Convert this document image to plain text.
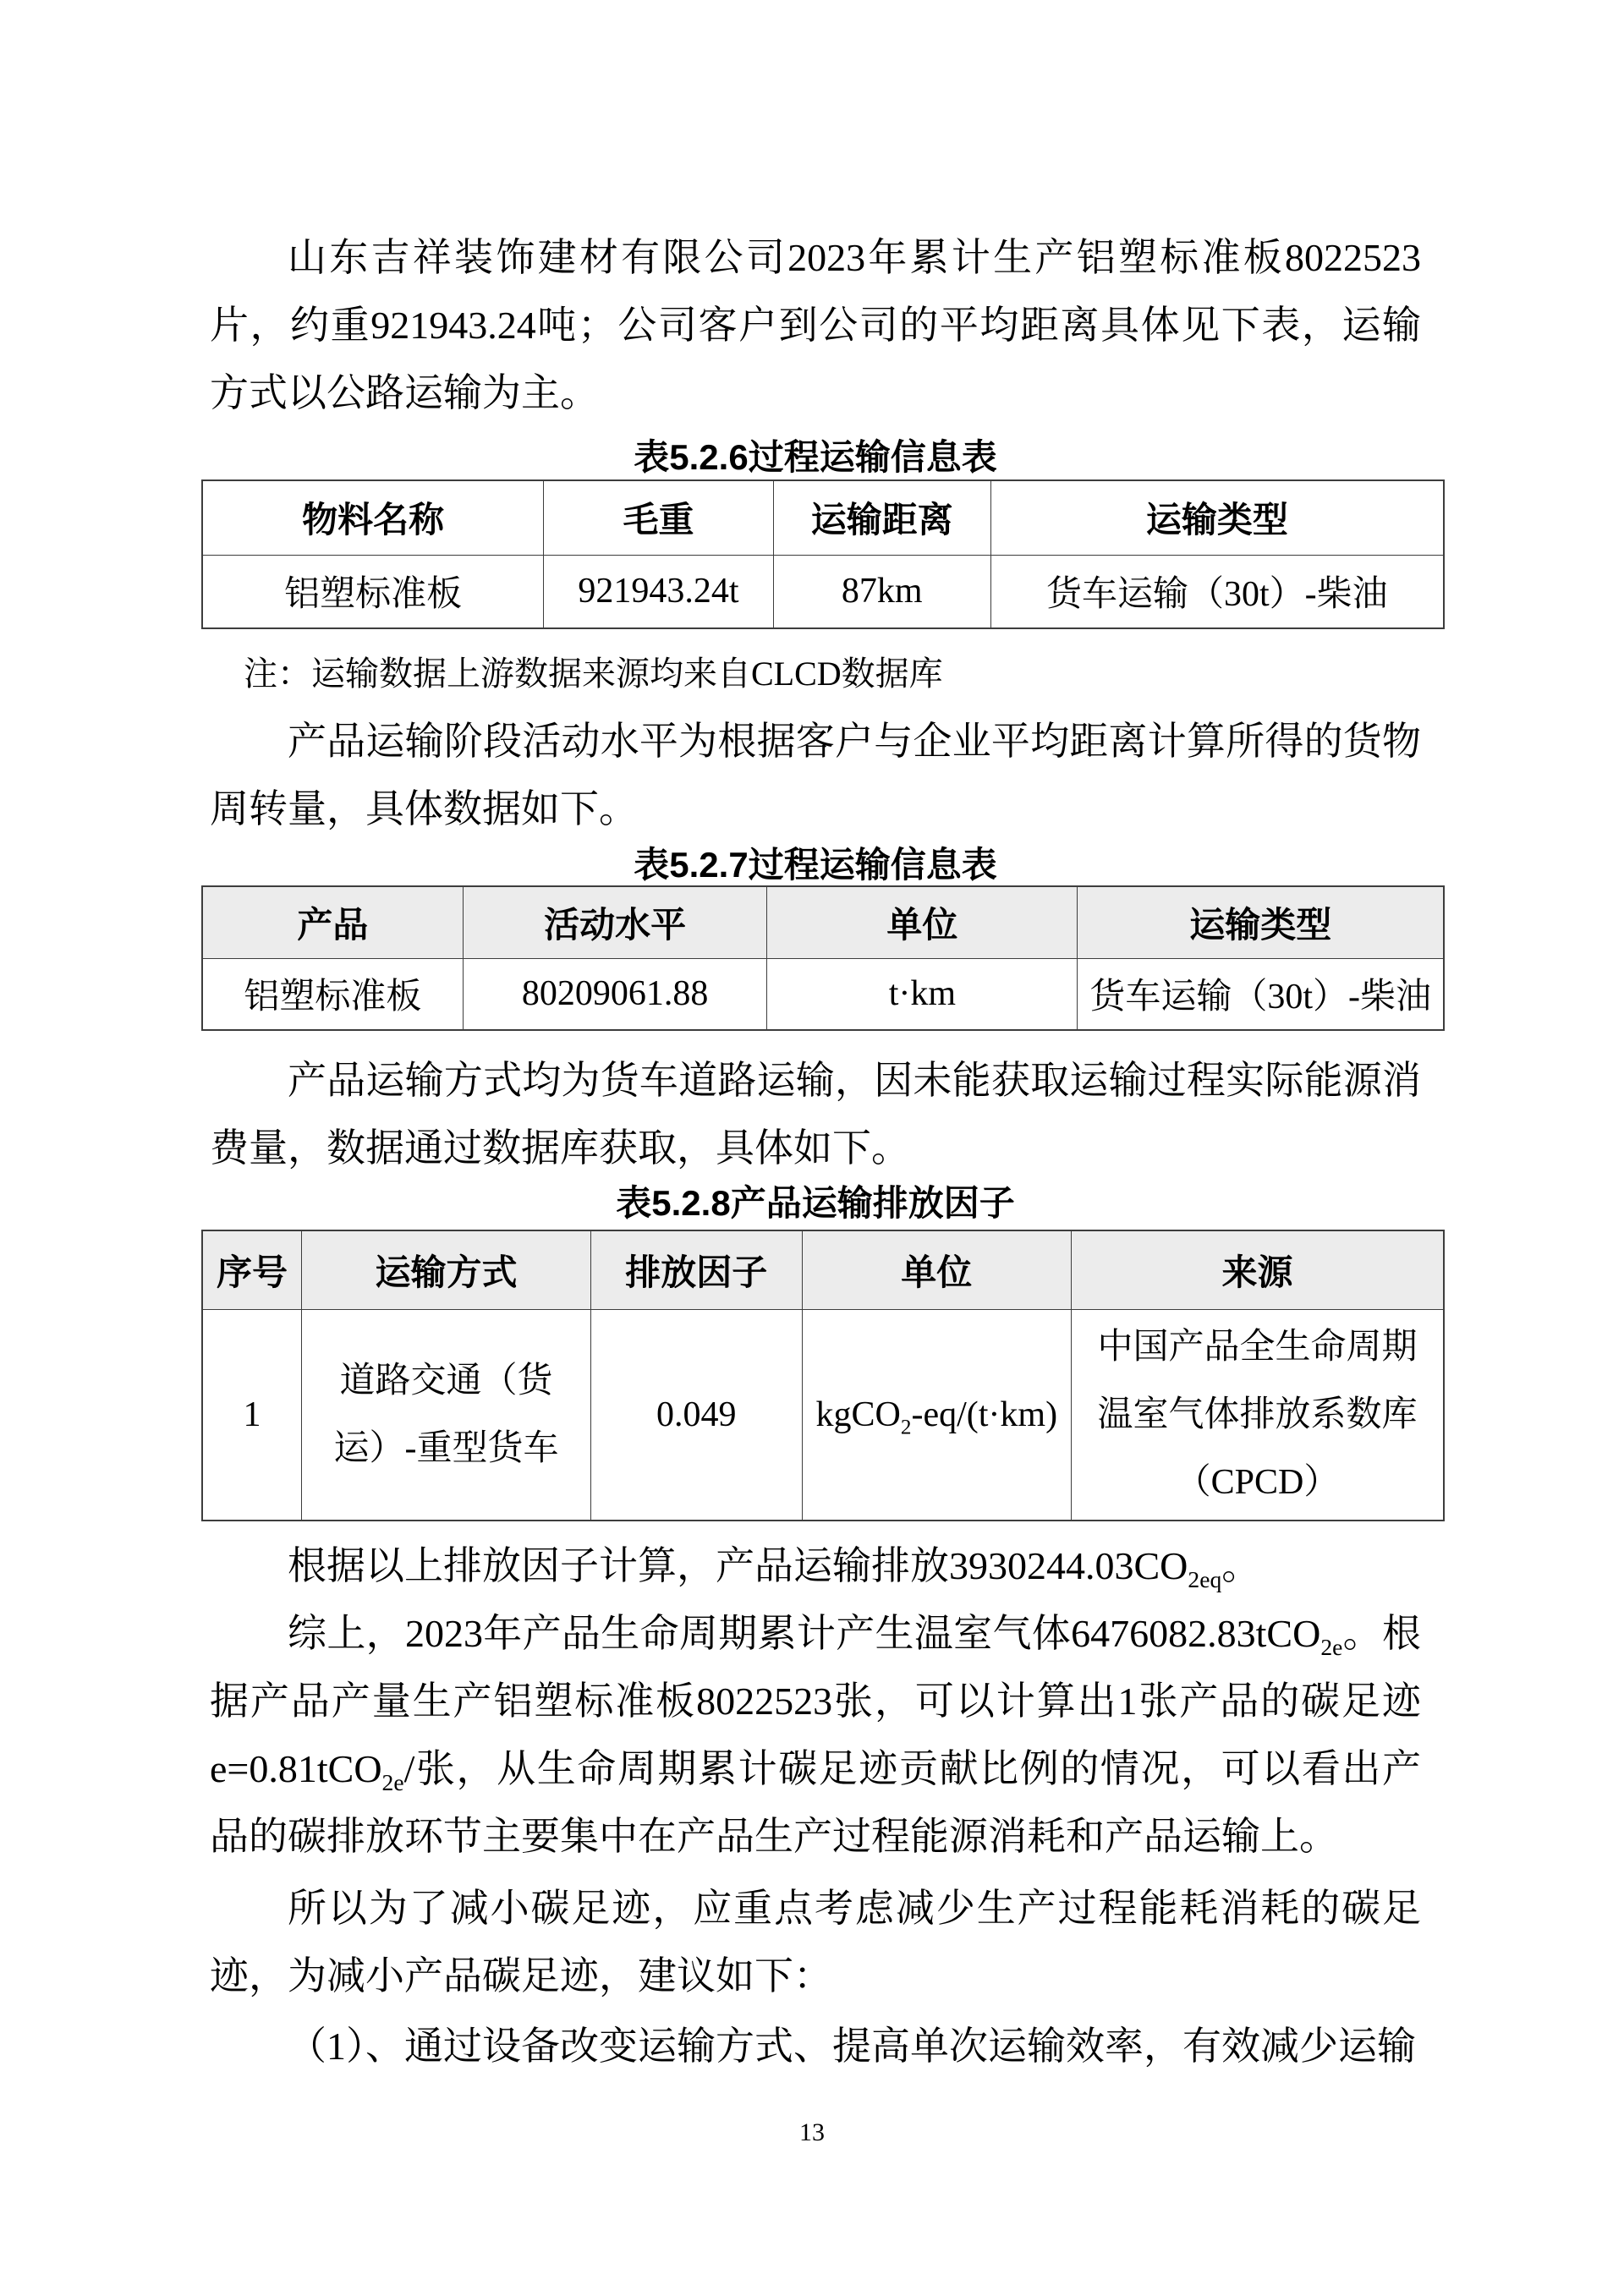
山东吉祥装饰建材有限公司2023年累计生产铝塑标准板8022523片，约重921943.24吨；公司客户到公司的平均距离具体见下表，运输方式以公路运输为主。

表5.2.6过程运输信息表
物料名称	毛重	运输距离	运输类型
铝塑标准板	921943.24t	87km	货车运输（30t）-柴油
注：运输数据上游数据来源均来自CLCD数据库

产品运输阶段活动水平为根据客户与企业平均距离计算所得的货物周转量，具体数据如下。

表5.2.7过程运输信息表
产品	活动水平	单位	运输类型
铝塑标准板	80209061.88	t·km	货车运输（30t）-柴油

产品运输方式均为货车道路运输，因未能获取运输过程实际能源消费量，数据通过数据库获取，具体如下。

表5.2.8产品运输排放因子
序号	运输方式	排放因子	单位	来源
1	道路交通（货运）-重型货车	0.049	kgCO$_2$-eq/(t·km)	中国产品全生命周期温室气体排放系数库（CPCD）

根据以上排放因子计算，产品运输排放$3930244.03CO_{2eq}$。

综上，2023年产品生命周期累计产生温室气体6476082.83tCO$_{2e}$。根据产品产量生产铝塑标准板8022523张，可以计算出1张产品的碳足迹e=0.81tCO$_{2e}$/张，从生命周期累计碳足迹贡献比例的情况，可以看出产品的碳排放环节主要集中在产品生产过程能源消耗和产品运输上。

所以为了减小碳足迹，应重点考虑减少生产过程能耗消耗的碳足迹，为减小产品碳足迹，建议如下：

（1）、通过设备改变运输方式、提高单次运输效率，有效减少运输

13
